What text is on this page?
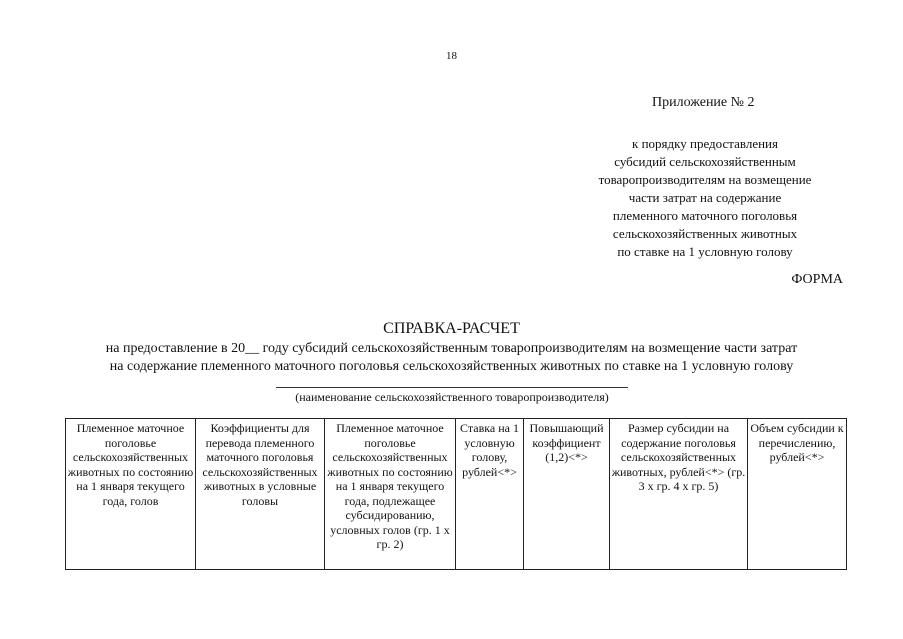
18
Приложение № 2
к порядку предоставления
субсидий сельскохозяйственным
товаропроизводителям на возмещение
части затрат на содержание
племенного маточного поголовья
сельскохозяйственных животных
по ставке на 1 условную голову
ФОРМА
СПРАВКА-РАСЧЕТ
на предоставление в 20__ году субсидий сельскохозяйственным товаропроизводителям на возмещение части затрат
на содержание племенного маточного поголовья сельскохозяйственных животных по ставке на 1 условную голову
(наименование сельскохозяйственного товаропроизводителя)
Племенное маточное поголовье сельскохозяйственных животных по состоянию на 1 января текущего года, голов	Коэффициенты для перевода племенного маточного поголовья сельскохозяйственных животных в условные головы	Племенное маточное поголовье сельскохозяйственных животных по состоянию на 1 января текущего года, подлежащее субсидированию, условных голов (гр. 1 х гр. 2)	Ставка на 1 условную голову, рублей<*>	Повышающий коэффициент (1,2)<*>	Размер субсидии на содержание поголовья сельскохозяйственных животных, рублей<*> (гр. 3 х гр. 4 х гр. 5)	Объем субсидии к перечислению, рублей<*>
